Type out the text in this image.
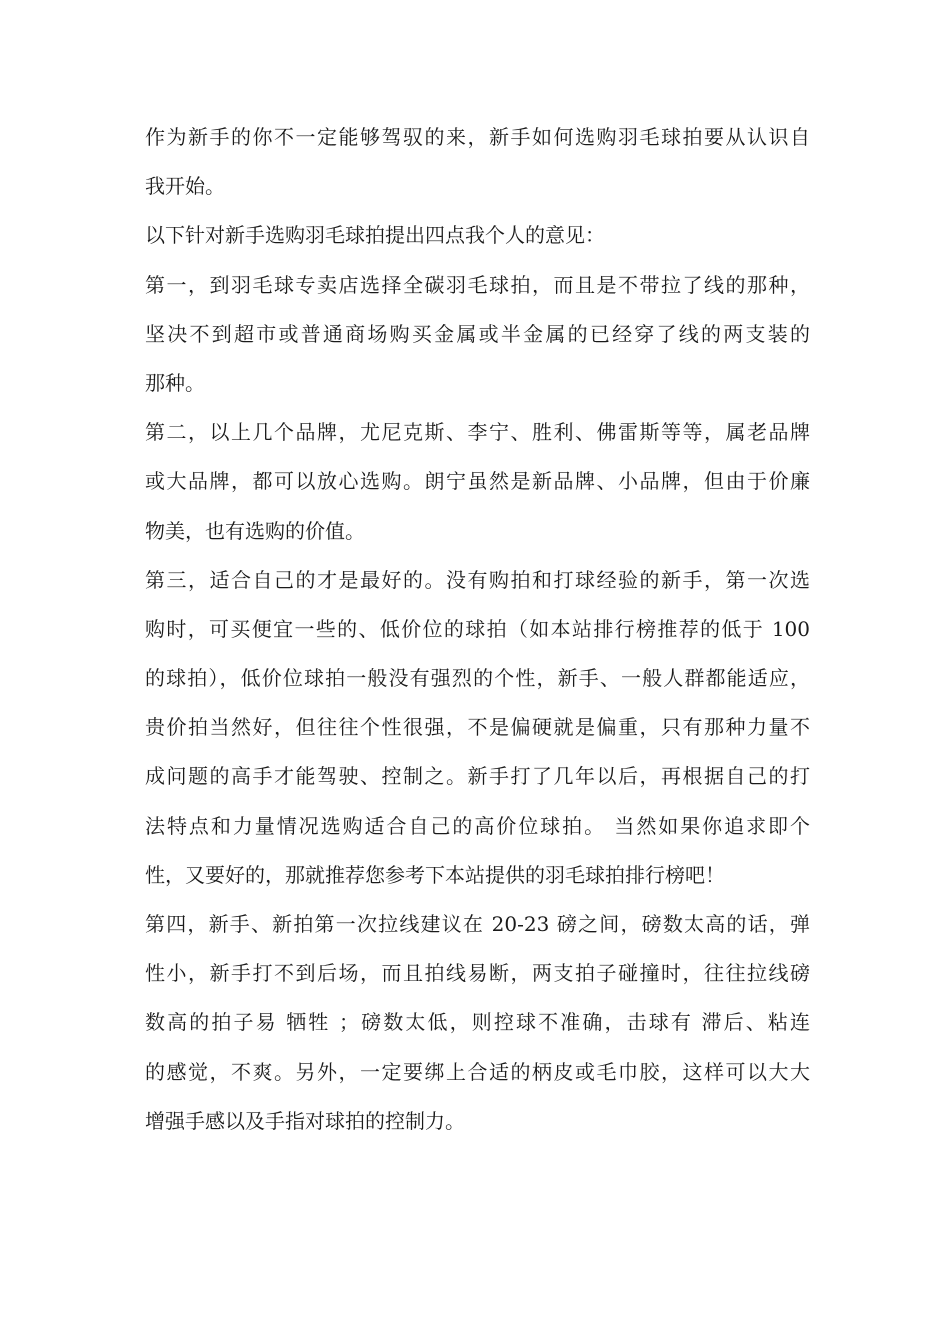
作为新手的你不一定能够驾驭的来，新手如何选购羽毛球拍要从认识自
我开始。
以下针对新手选购羽毛球拍提出四点我个人的意见：
第一，到羽毛球专卖店选择全碳羽毛球拍，而且是不带拉了线的那种，
坚决不到超市或普通商场购买金属或半金属的已经穿了线的两支装的
那种。
第二，以上几个品牌，尤尼克斯、李宁、胜利、佛雷斯等等，属老品牌
或大品牌，都可以放心选购。朗宁虽然是新品牌、小品牌，但由于价廉
物美，也有选购的价值。
第三，适合自己的才是最好的。没有购拍和打球经验的新手，第一次选
购时，可买便宜一些的、低价位的球拍（如本站排行榜推荐的低于 100
的球拍），低价位球拍一般没有强烈的个性，新手、一般人群都能适应，
贵价拍当然好，但往往个性很强，不是偏硬就是偏重，只有那种力量不
成问题的高手才能驾驶、控制之。新手打了几年以后，再根据自己的打
法特点和力量情况选购适合自己的高价位球拍。 当然如果你追求即个
性，又要好的，那就推荐您参考下本站提供的羽毛球拍排行榜吧！
第四，新手、新拍第一次拉线建议在 20-23 磅之间，磅数太高的话，弹
性小，新手打不到后场，而且拍线易断，两支拍子碰撞时，往往拉线磅
数高的拍子易 牺牲 ；磅数太低，则控球不准确，击球有 滞后、粘连
的感觉，不爽。另外，一定要绑上合适的柄皮或毛巾胶，这样可以大大
增强手感以及手指对球拍的控制力。
